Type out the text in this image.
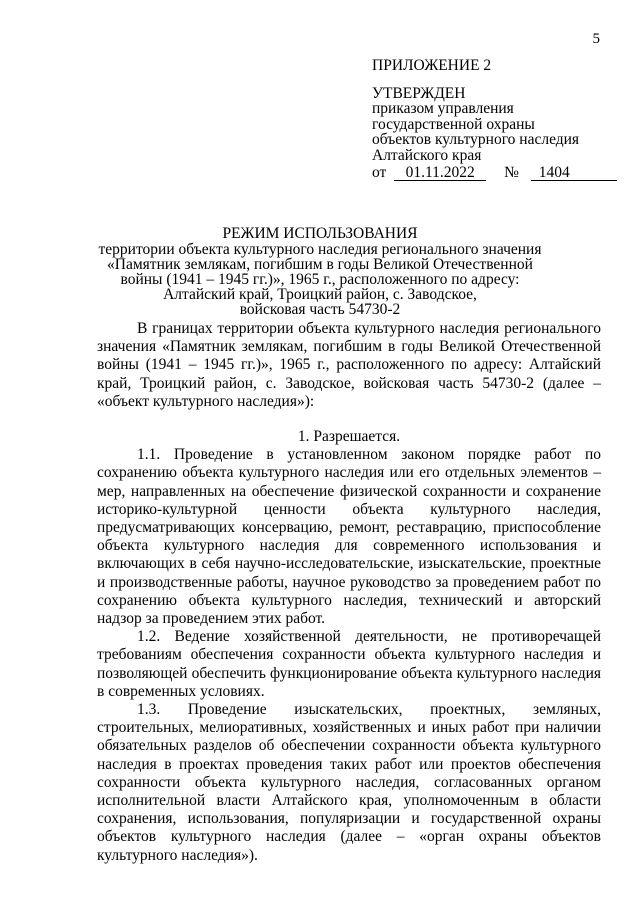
5
ПРИЛОЖЕНИЕ 2
УТВЕРЖДЕН
приказом управления
государственной охраны
объектов культурного наследия
Алтайского края
от 01.11.2022 № 1404
РЕЖИМ ИСПОЛЬЗОВАНИЯ
территории объекта культурного наследия регионального значения
«Памятник землякам, погибшим в годы Великой Отечественной
войны (1941 – 1945 гг.)», 1965 г., расположенного по адресу:
Алтайский край, Троицкий район, с. Заводское,
войсковая часть 54730-2

В границах территории объекта культурного наследия регионального значения «Памятник землякам, погибшим в годы Великой Отечественной войны (1941 – 1945 гг.)», 1965 г., расположенного по адресу: Алтайский край, Троицкий район, с. Заводское, войсковая часть 54730-2 (далее – «объект культурного наследия»):

1. Разрешается.

1.1. Проведение в установленном законом порядке работ по сохранению объекта культурного наследия или его отдельных элементов – мер, направленных на обеспечение физической сохранности и сохранение историко-культурной ценности объекта культурного наследия, предусматривающих консервацию, ремонт, реставрацию, приспособление объекта культурного наследия для современного использования и включающих в себя научно-исследовательские, изыскательские, проектные и производственные работы, научное руководство за проведением работ по сохранению объекта культурного наследия, технический и авторский надзор за проведением этих работ.

1.2. Ведение хозяйственной деятельности, не противоречащей требованиям обеспечения сохранности объекта культурного наследия и позволяющей обеспечить функционирование объекта культурного наследия в современных условиях.

1.3. Проведение изыскательских, проектных, земляных, строительных, мелиоративных, хозяйственных и иных работ при наличии обязательных разделов об обеспечении сохранности объекта культурного наследия в проектах проведения таких работ или проектов обеспечения сохранности объекта культурного наследия, согласованных органом исполнительной власти Алтайского края, уполномоченным в области сохранения, использования, популяризации и государственной охраны объектов культурного наследия (далее – «орган охраны объектов культурного наследия»).
